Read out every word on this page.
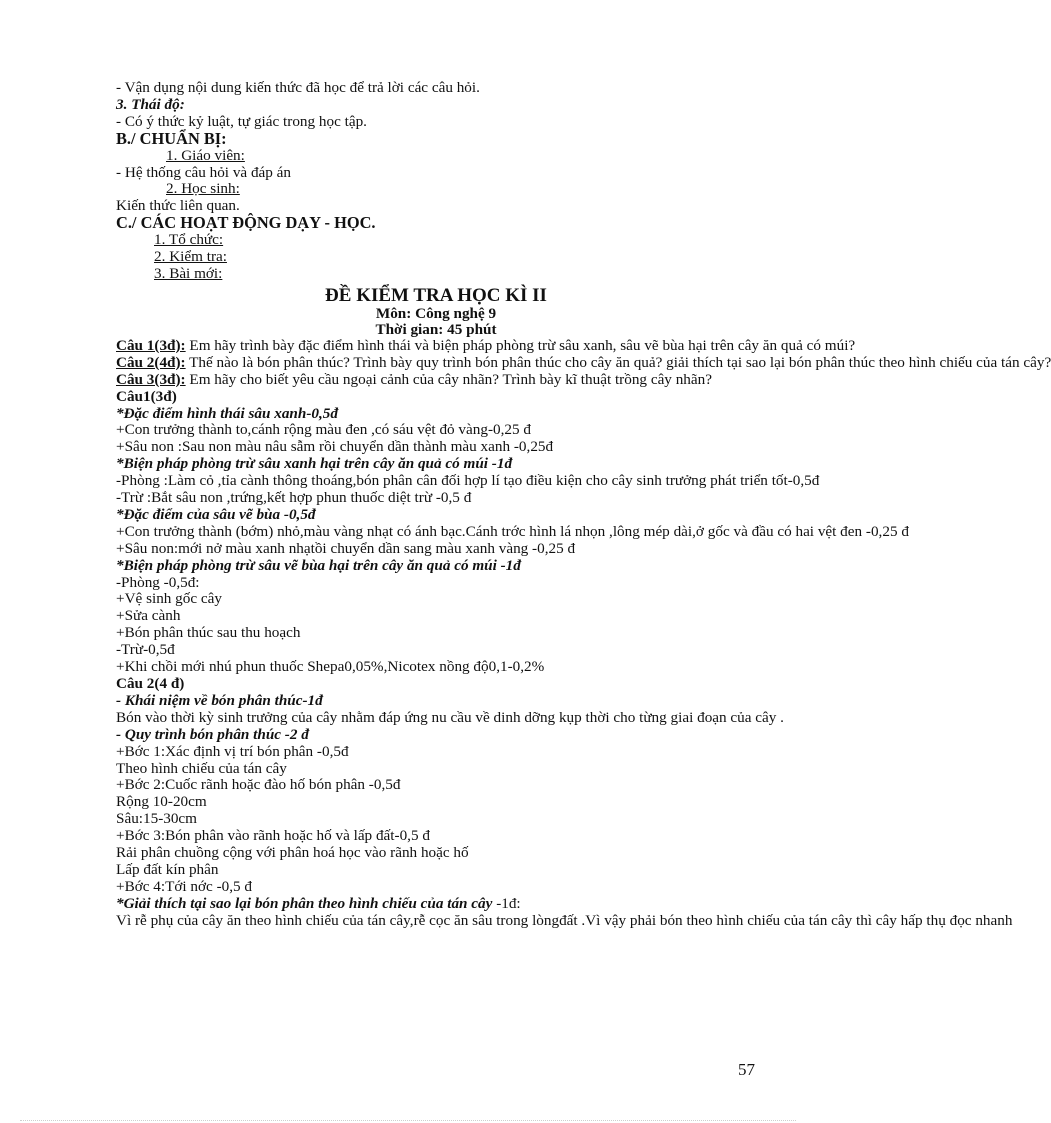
- Vận dụng nội dung kiến thức đã học để trả lời các câu hỏi.

3. Thái độ:

- Có ý thức kỷ luật, tự giác trong học tập.

B./ CHUẨN BỊ:

1. Giáo viên:

- Hệ thống câu hỏi và đáp án

2. Học sinh:

Kiến thức liên quan.

C./ CÁC HOẠT ĐỘNG DẠY - HỌC.

1. Tổ chức:

2. Kiểm tra:

3. Bài mới:

ĐỀ KIỂM TRA HỌC KÌ II

Môn: Công nghệ 9

Thời gian: 45 phút

Câu 1(3đ): Em hãy trình bày đặc điểm hình thái và biện pháp phòng trừ sâu xanh, sâu vẽ bùa hại trên cây ăn quả có múi?

Câu 2(4đ): Thế nào là bón phân thúc? Trình bày quy trình bón phân thúc cho cây ăn quả? giải thích tại sao lại bón phân thúc theo hình chiếu của tán cây?

Câu 3(3đ): Em hãy cho biết yêu cầu ngoại cảnh của cây nhãn? Trình bày kĩ thuật trồng cây nhãn?

Câu1(3đ)

*Đặc điểm hình thái sâu xanh-0,5đ

+Con trưởng thành to,cánh rộng màu đen ,có sáu vệt đỏ vàng-0,25 đ

+Sâu non :Sau non màu nâu sẫm rồi chuyển dần thành màu xanh -0,25đ

*Biện pháp phòng trừ sâu xanh hại trên cây ăn quả có múi -1đ

-Phòng :Làm cỏ ,tỉa cành thông thoáng,bón phân cân đối hợp lí tạo điều kiện cho cây sinh trưởng phát triển tốt-0,5đ

-Trừ :Bắt sâu non ,trứng,kết hợp phun thuốc diệt trừ -0,5 đ

*Đặc điểm của sâu vẽ bùa -0,5đ

+Con trưởng thành (bớm) nhỏ,màu vàng nhạt có ánh bạc.Cánh trớc hình lá nhọn ,lông mép dài,ở gốc và đầu có hai vệt đen -0,25 đ

+Sâu non:mới nở màu xanh nhạtồi chuyển dần sang màu xanh vàng -0,25 đ

*Biện pháp phòng trừ sâu vẽ bùa hại trên cây ăn quả có múi -1đ

-Phòng -0,5đ:

+Vệ sinh gốc cây

+Sửa cành

+Bón phân thúc sau thu hoạch

-Trừ-0,5đ

+Khi chồi mới nhú phun thuốc Shepa0,05%,Nicotex nồng độ0,1-0,2%

Câu 2(4 đ)

- Khái niệm về bón phân thúc-1đ

Bón vào thời kỳ sinh trưởng của cây nhằm đáp ứng nu cầu về dinh dỡng kụp thời cho từng giai đoạn của cây .

- Quy trình bón phân thúc -2 đ

+Bớc 1:Xác định vị trí bón phân -0,5đ

Theo hình chiếu của tán cây

+Bớc 2:Cuốc rãnh hoặc đào hố bón phân -0,5đ

Rộng 10-20cm

Sâu:15-30cm

+Bớc 3:Bón phân vào rãnh hoặc hố và lấp đất-0,5 đ

Rải phân chuồng cộng với phân hoá học vào rãnh hoặc hố

Lấp đất kín phân

+Bớc 4:Tới nớc -0,5 đ

*Giải thích tại sao lại bón phân theo hình chiếu của tán cây -1đ:

Vì rễ phụ của cây ăn theo hình chiếu của tán cây,rễ cọc ăn sâu trong lòngđất .Vì vậy phải bón theo hình chiếu của tán cây thì cây hấp thụ đọc nhanh

57
